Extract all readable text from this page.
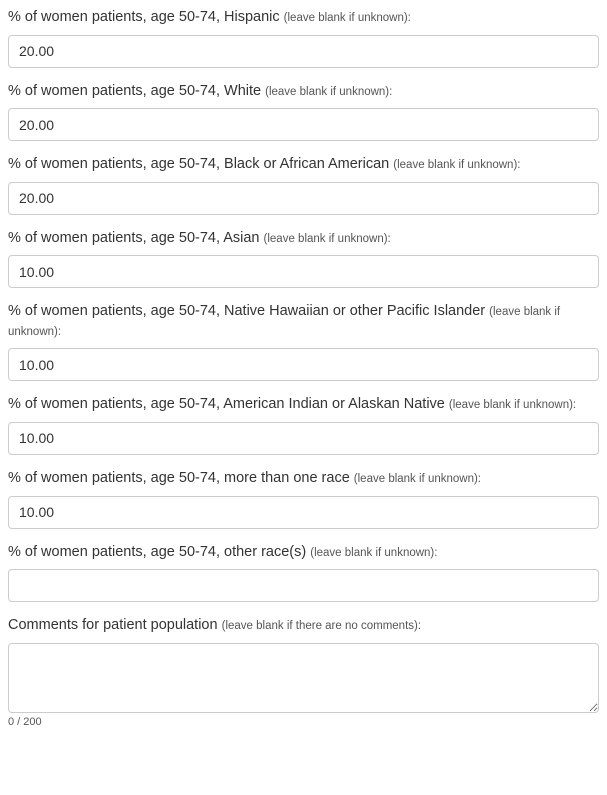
% of women patients, age 50-74, Hispanic (leave blank if unknown):
20.00
% of women patients, age 50-74, White (leave blank if unknown):
20.00
% of women patients, age 50-74, Black or African American (leave blank if unknown):
20.00
% of women patients, age 50-74, Asian (leave blank if unknown):
10.00
% of women patients, age 50-74, Native Hawaiian or other Pacific Islander (leave blank if unknown):
10.00
% of women patients, age 50-74, American Indian or Alaskan Native (leave blank if unknown):
10.00
% of women patients, age 50-74, more than one race (leave blank if unknown):
10.00
% of women patients, age 50-74, other race(s) (leave blank if unknown):
Comments for patient population (leave blank if there are no comments):
0 / 200
